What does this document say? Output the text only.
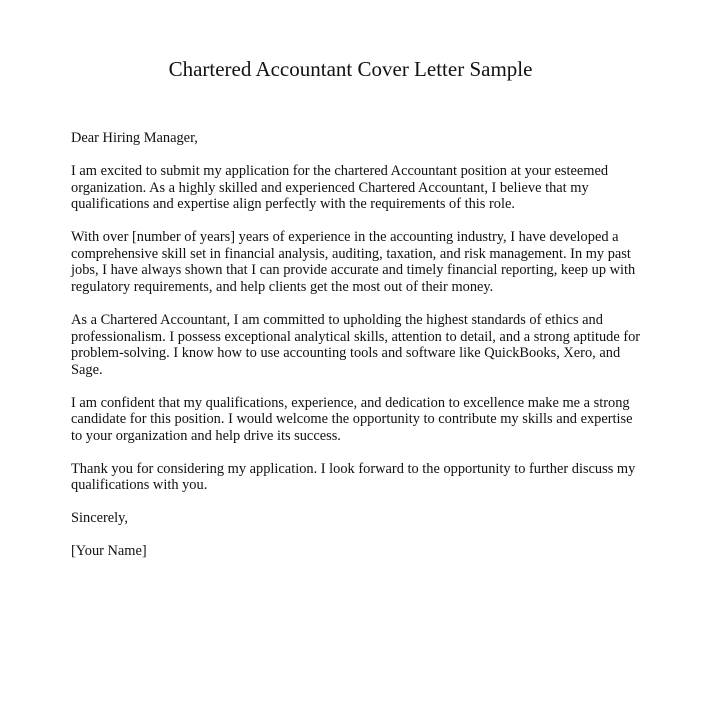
Chartered Accountant Cover Letter Sample

Dear Hiring Manager,

I am excited to submit my application for the chartered Accountant position at your esteemed organization. As a highly skilled and experienced Chartered Accountant, I believe that my qualifications and expertise align perfectly with the requirements of this role.

With over [number of years] years of experience in the accounting industry, I have developed a comprehensive skill set in financial analysis, auditing, taxation, and risk management. In my past jobs, I have always shown that I can provide accurate and timely financial reporting, keep up with regulatory requirements, and help clients get the most out of their money.

As a Chartered Accountant, I am committed to upholding the highest standards of ethics and professionalism. I possess exceptional analytical skills, attention to detail, and a strong aptitude for problem-solving. I know how to use accounting tools and software like QuickBooks, Xero, and Sage.

I am confident that my qualifications, experience, and dedication to excellence make me a strong candidate for this position. I would welcome the opportunity to contribute my skills and expertise to your organization and help drive its success.

Thank you for considering my application. I look forward to the opportunity to further discuss my qualifications with you.

Sincerely,

[Your Name]
